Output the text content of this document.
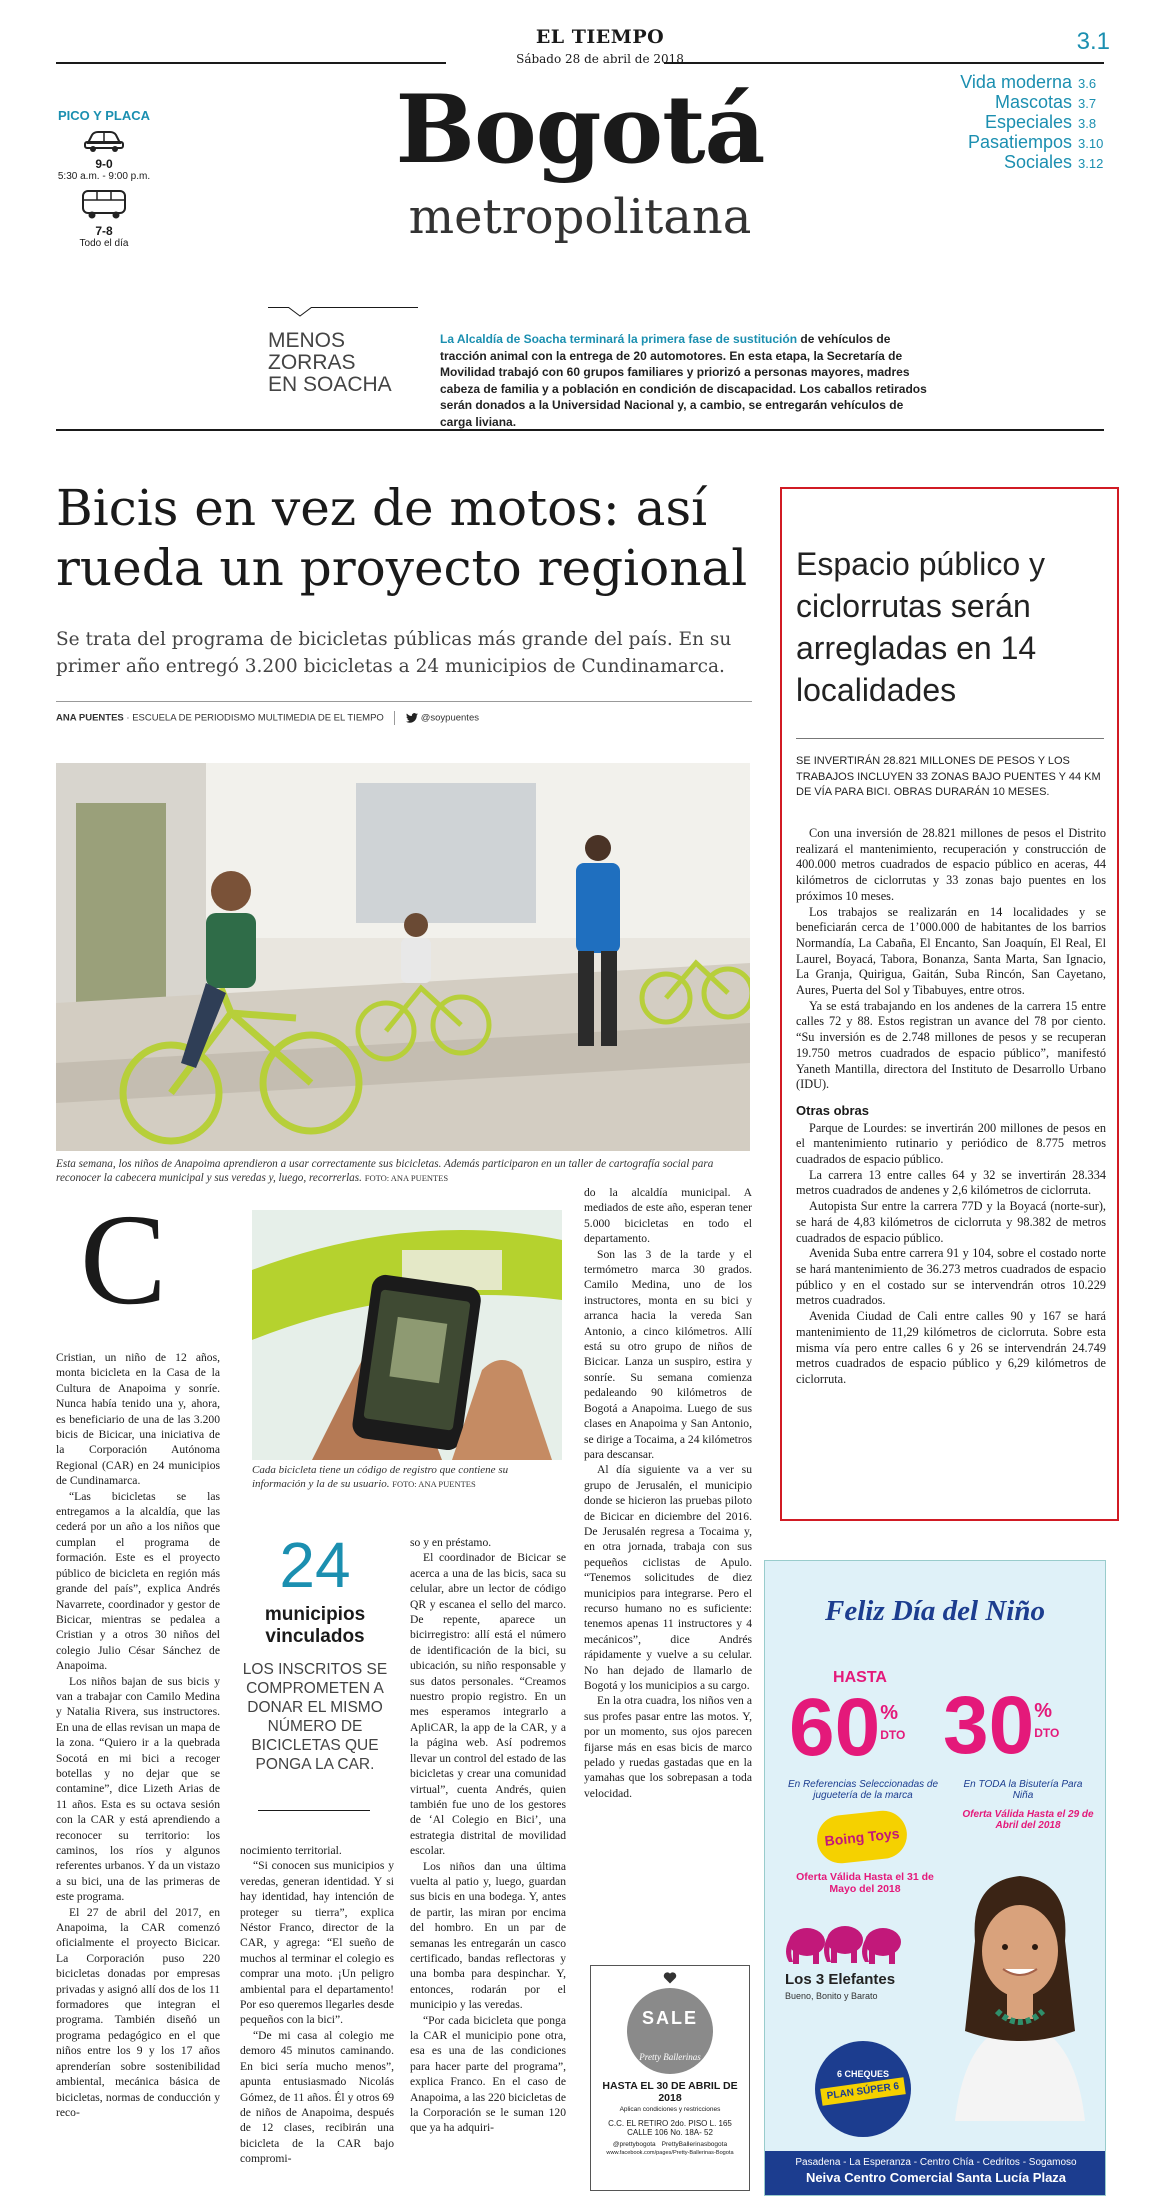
EL TIEMPO
Sábado 28 de abril de 2018
3.1
Bogotá
metropolitana
Vida moderna 3.6
Mascotas 3.7
Especiales 3.8
Pasatiempos 3.10
Sociales 3.12
PICO Y PLACA
9-0
5:30 a.m. - 9:00 p.m.
7-8
Todo el día
MENOS
ZORRAS
EN SOACHA
La Alcaldía de Soacha terminará la primera fase de sustitución de vehículos de tracción animal con la entrega de 20 automotores. En esta etapa, la Secretaría de Movilidad trabajó con 60 grupos familiares y priorizó a personas mayores, madres cabeza de familia y a población en condición de discapacidad. Los caballos retirados serán donados a la Universidad Nacional y, a cambio, se entregarán vehículos de carga liviana.
Bicis en vez de motos: así rueda un proyecto regional
Se trata del programa de bicicletas públicas más grande del país. En su primer año entregó 3.200 bicicletas a 24 municipios de Cundinamarca.
ANA PUENTES · ESCUELA DE PERIODISMO MULTIMEDIA DE EL TIEMPO	@soypuentes
Esta semana, los niños de Anapoima aprendieron a usar correctamente sus bicicletas. Además participaron en un taller de cartografía social para reconocer la cabecera municipal y sus veredas y, luego, recorrerlas. FOTO: ANA PUENTES
C

Cristian, un niño de 12 años, monta bicicleta en la Casa de la Cultura de Anapoima y sonríe. Nunca había tenido una y, ahora, es beneficiario de una de las 3.200 bicis de Bicicar, una iniciativa de la Corporación Autónoma Regional (CAR) en 24 municipios de Cundinamarca.

“Las bicicletas se las entregamos a la alcaldía, que las cederá por un año a los niños que cumplan el programa de formación. Este es el proyecto público de bicicleta en región más grande del país”, explica Andrés Navarrete, coordinador y gestor de Bicicar, mientras se pedalea a Cristian y a otros 30 niños del colegio Julio César Sánchez de Anapoima.

Los niños bajan de sus bicis y van a trabajar con Camilo Medina y Natalia Rivera, sus instructores. En una de ellas revisan un mapa de la zona. “Quiero ir a la quebrada Socotá en mi bici a recoger botellas y no dejar que se contamine”, dice Lizeth Arias de 11 años. Esta es su octava sesión con la CAR y está aprendiendo a reconocer su territorio: los caminos, los ríos y algunos referentes urbanos. Y da un vistazo a su bici, una de las primeras de este programa.

El 27 de abril del 2017, en Anapoima, la CAR comenzó oficialmente el proyecto Bicicar. La Corporación puso 220 bicicletas donadas por empresas privadas y asignó allí dos de los 11 formadores que integran el programa. También diseñó un programa pedagógico en el que niños entre los 9 y los 17 años aprenderían sobre sostenibilidad ambiental, mecánica básica de bicicletas, normas de conducción y reco-

Cada bicicleta tiene un código de registro que contiene su información y la de su usuario. FOTO: ANA PUENTES
24
municipios vinculados
LOS INSCRITOS SE COMPROMETEN A DONAR EL MISMO NÚMERO DE BICICLETAS QUE PONGA LA CAR.

nocimiento territorial.

“Si conocen sus municipios y veredas, generan identidad. Y si hay identidad, hay intención de proteger su tierra”, explica Néstor Franco, director de la CAR, y agrega: “El sueño de muchos al terminar el colegio es comprar una moto. ¡Un peligro ambiental para el departamento! Por eso queremos llegarles desde pequeños con la bici”.

“De mi casa al colegio me demoro 45 minutos caminando. En bici sería mucho menos”, apunta entusiasmado Nicolás Gómez, de 11 años. Él y otros 69 de niños de Anapoima, después de 12 clases, recibirán una bicicleta de la CAR bajo compromi-

so y en préstamo.

El coordinador de Bicicar se acerca a una de las bicis, saca su celular, abre un lector de código QR y escanea el sello del marco. De repente, aparece un bicirregistro: allí está el número de identificación de la bici, su ubicación, su niño responsable y sus datos personales. “Creamos nuestro propio registro. En un mes esperamos integrarlo a ApliCAR, la app de la CAR, y a la página web. Así podremos llevar un control del estado de las bicicletas y crear una comunidad virtual”, cuenta Andrés, quien también fue uno de los gestores de ‘Al Colegio en Bici’, una estrategia distrital de movilidad escolar.

Los niños dan una última vuelta al patio y, luego, guardan sus bicis en una bodega. Y, antes de partir, las miran por encima del hombro. En un par de semanas les entregarán un casco certificado, bandas reflectoras y una bomba para despinchar. Y, entonces, rodarán por el municipio y las veredas.

“Por cada bicicleta que ponga la CAR el municipio pone otra, esa es una de las condiciones para hacer parte del programa”, explica Franco. En el caso de Anapoima, a las 220 bicicletas de la Corporación se le suman 120 que ya ha adquiri-

do la alcaldía municipal. A mediados de este año, esperan tener 5.000 bicicletas en todo el departamento.

Son las 3 de la tarde y el termómetro marca 30 grados. Camilo Medina, uno de los instructores, monta en su bici y arranca hacia la vereda San Antonio, a cinco kilómetros. Allí está su otro grupo de niños de Bicicar. Lanza un suspiro, estira y sonríe. Su semana comienza pedaleando 90 kilómetros de Bogotá a Anapoima. Luego de sus clases en Anapoima y San Antonio, se dirige a Tocaima, a 24 kilómetros para descansar.

Al día siguiente va a ver su grupo de Jerusalén, el municipio donde se hicieron las pruebas piloto de Bicicar en diciembre del 2016. De Jerusalén regresa a Tocaima y, en otra jornada, trabaja con sus pequeños ciclistas de Apulo. “Tenemos solicitudes de diez municipios para integrarse. Pero el recurso humano no es suficiente: tenemos apenas 11 instructores y 4 mecánicos”, dice Andrés rápidamente y vuelve a su celular. No han dejado de llamarlo de Bogotá y los municipios a su cargo.

En la otra cuadra, los niños ven a sus profes pasar entre las motos. Y, por un momento, sus ojos parecen fijarse más en esas bicis de marco pelado y ruedas gastadas que en la yamahas que los sobrepasan a toda velocidad.

SALE
Pretty Ballerinas
HASTA EL 30 DE ABRIL DE 2018
Aplican condiciones y restricciones
C.C. EL RETIRO 2do. PISO L. 165
CALLE 106 No. 18A- 52
@prettybogota PrettyBallerinasbogota
www.facebook.com/pages/Pretty-Ballerinas-Bogota
Espacio público y ciclorrutas serán arregladas en 14 localidades
SE INVERTIRÁN 28.821 MILLONES DE PESOS Y LOS TRABAJOS INCLUYEN 33 ZONAS BAJO PUENTES Y 44 KM DE VÍA PARA BICI. OBRAS DURARÁN 10 MESES.

Con una inversión de 28.821 millones de pesos el Distrito realizará el mantenimiento, recuperación y construcción de 400.000 metros cuadrados de espacio público en aceras, 44 kilómetros de ciclorrutas y 33 zonas bajo puentes en los próximos 10 meses.

Los trabajos se realizarán en 14 localidades y se beneficiarán cerca de 1’000.000 de habitantes de los barrios Normandía, La Cabaña, El Encanto, San Joaquín, El Real, El Laurel, Boyacá, Tabora, Bonanza, Santa Marta, San Ignacio, La Granja, Quirigua, Gaitán, Suba Rincón, San Cayetano, Aures, Puerta del Sol y Tibabuyes, entre otros.

Ya se está trabajando en los andenes de la carrera 15 entre calles 72 y 88. Estos registran un avance del 78 por ciento. “Su inversión es de 2.748 millones de pesos y se recuperan 19.750 metros cuadrados de espacio público”, manifestó Yaneth Mantilla, directora del Instituto de Desarrollo Urbano (IDU).

Otras obras

Parque de Lourdes: se invertirán 200 millones de pesos en el mantenimiento rutinario y periódico de 8.775 metros cuadrados de espacio público.

La carrera 13 entre calles 64 y 32 se invertirán 28.334 metros cuadrados de andenes y 2,6 kilómetros de ciclorruta.

Autopista Sur entre la carrera 77D y la Boyacá (norte-sur), se hará de 4,83 kilómetros de ciclorruta y 98.382 de metros cuadrados de espacio público.

Avenida Suba entre carrera 91 y 104, sobre el costado norte se hará mantenimiento de 36.273 metros cuadrados de espacio público y en el costado sur se intervendrán otros 10.229 metros cuadrados.

Avenida Ciudad de Cali entre calles 90 y 167 se hará mantenimiento de 11,29 kilómetros de ciclorruta. Sobre esta misma vía pero entre calles 6 y 26 se intervendrán 24.749 metros cuadrados de espacio público y 6,29 kilómetros de ciclorruta.

Feliz Día del Niño
HASTA
60%
DTO
En Referencias Seleccionadas de juguetería de la marca
Boing Toys
Oferta Válida Hasta el 31 de Mayo del 2018
30%
DTO
En TODA la Bisutería Para Niña
Oferta Válida Hasta el 29 de Abril del 2018
Los 3 Elefantes
Bueno, Bonito y Barato
6 CHEQUES
PLAN SÚPER 6
Pasadena - La Esperanza - Centro Chía - Cedritos - Sogamoso
Neiva Centro Comercial Santa Lucía Plaza
